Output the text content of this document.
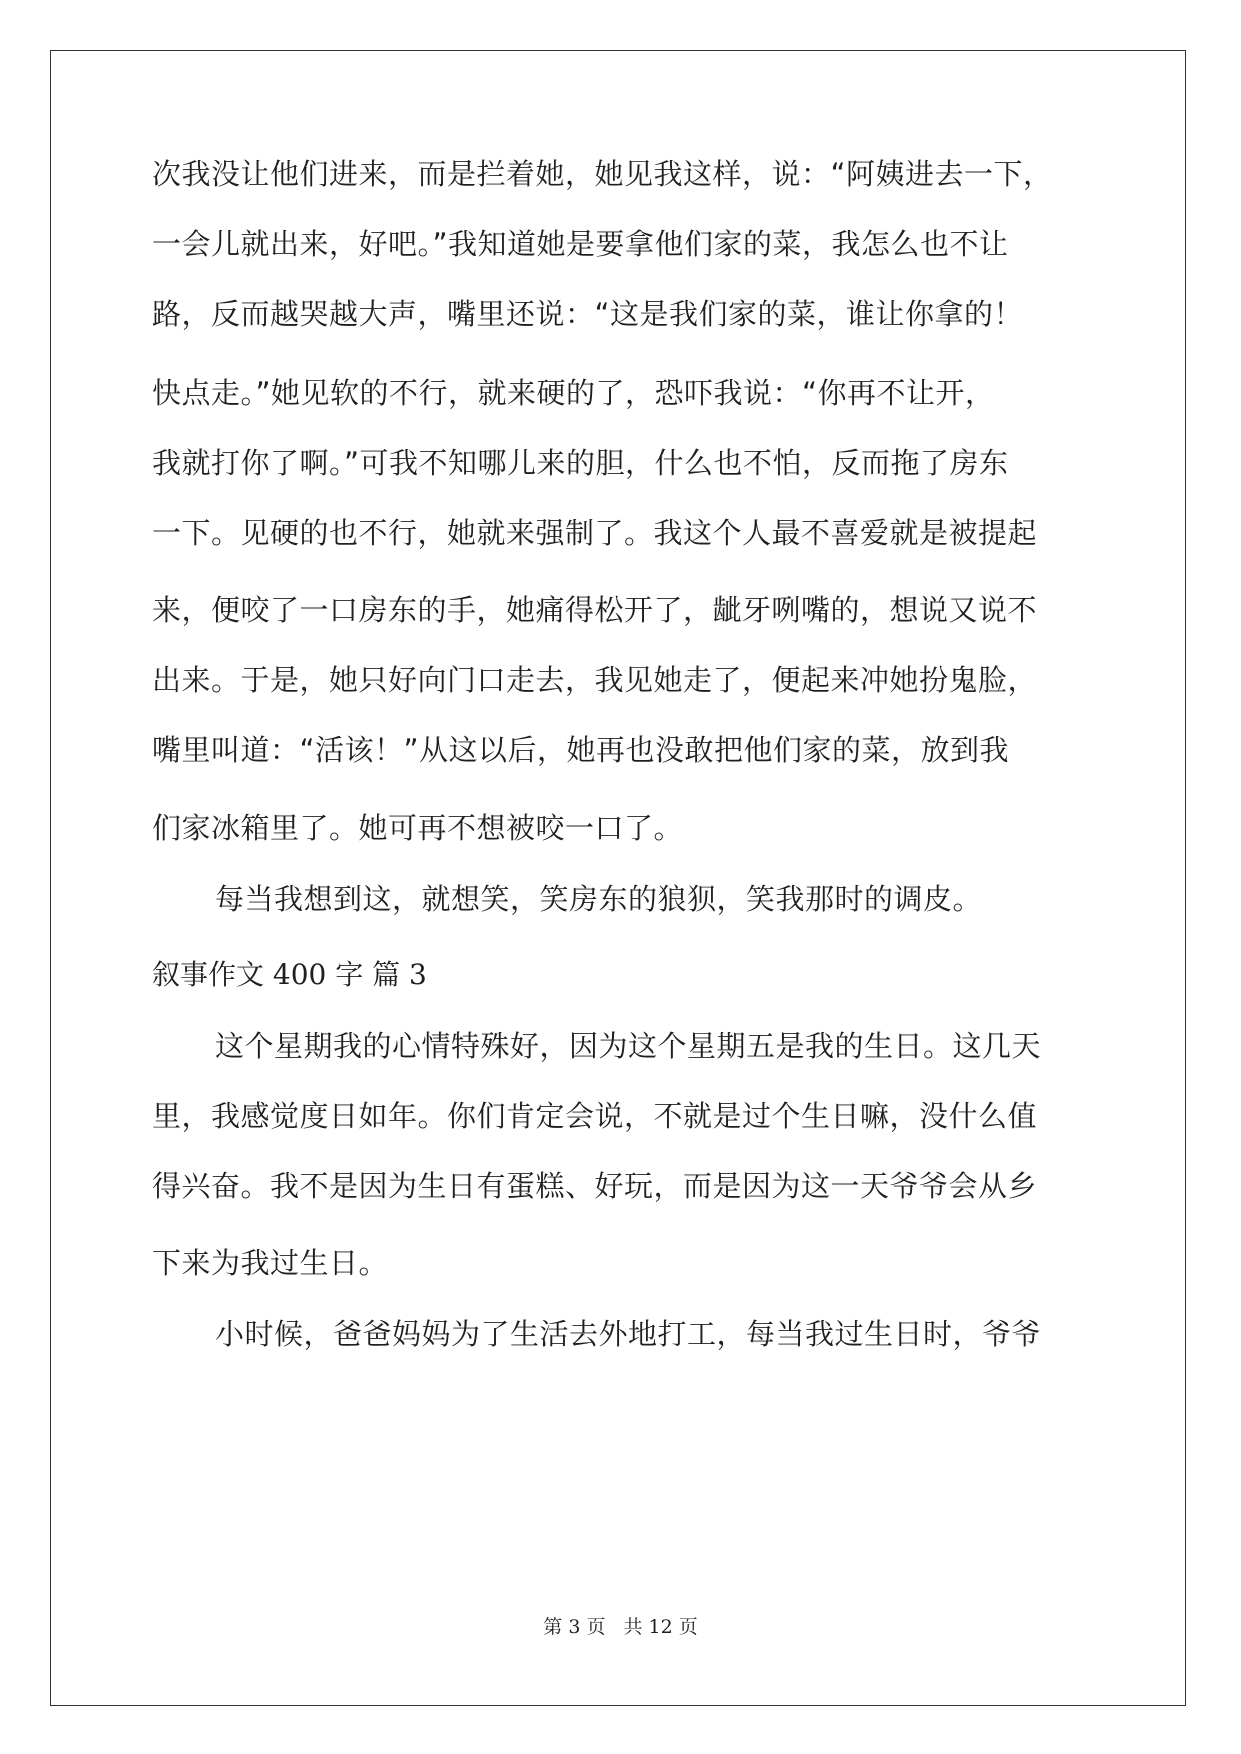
次我没让他们进来，而是拦着她，她见我这样，说：“阿姨进去一下，
一会儿就出来，好吧。”我知道她是要拿他们家的菜，我怎么也不让
路，反而越哭越大声，嘴里还说：“这是我们家的菜，谁让你拿的！
快点走。”她见软的不行，就来硬的了，恐吓我说：“你再不让开，
我就打你了啊。”可我不知哪儿来的胆，什么也不怕，反而拖了房东
一下。见硬的也不行，她就来强制了。我这个人最不喜爱就是被提起
来，便咬了一口房东的手，她痛得松开了，龇牙咧嘴的，想说又说不
出来。于是，她只好向门口走去，我见她走了，便起来冲她扮鬼脸，
嘴里叫道：“活该！”从这以后，她再也没敢把他们家的菜，放到我
们家冰箱里了。她可再不想被咬一口了。
每当我想到这，就想笑，笑房东的狼狈，笑我那时的调皮。
叙事作文 400 字 篇 3
这个星期我的心情特殊好，因为这个星期五是我的生日。这几天
里，我感觉度日如年。你们肯定会说，不就是过个生日嘛，没什么值
得兴奋。我不是因为生日有蛋糕、好玩，而是因为这一天爷爷会从乡
下来为我过生日。
小时候，爸爸妈妈为了生活去外地打工，每当我过生日时，爷爷
第 3 页 共 12 页
